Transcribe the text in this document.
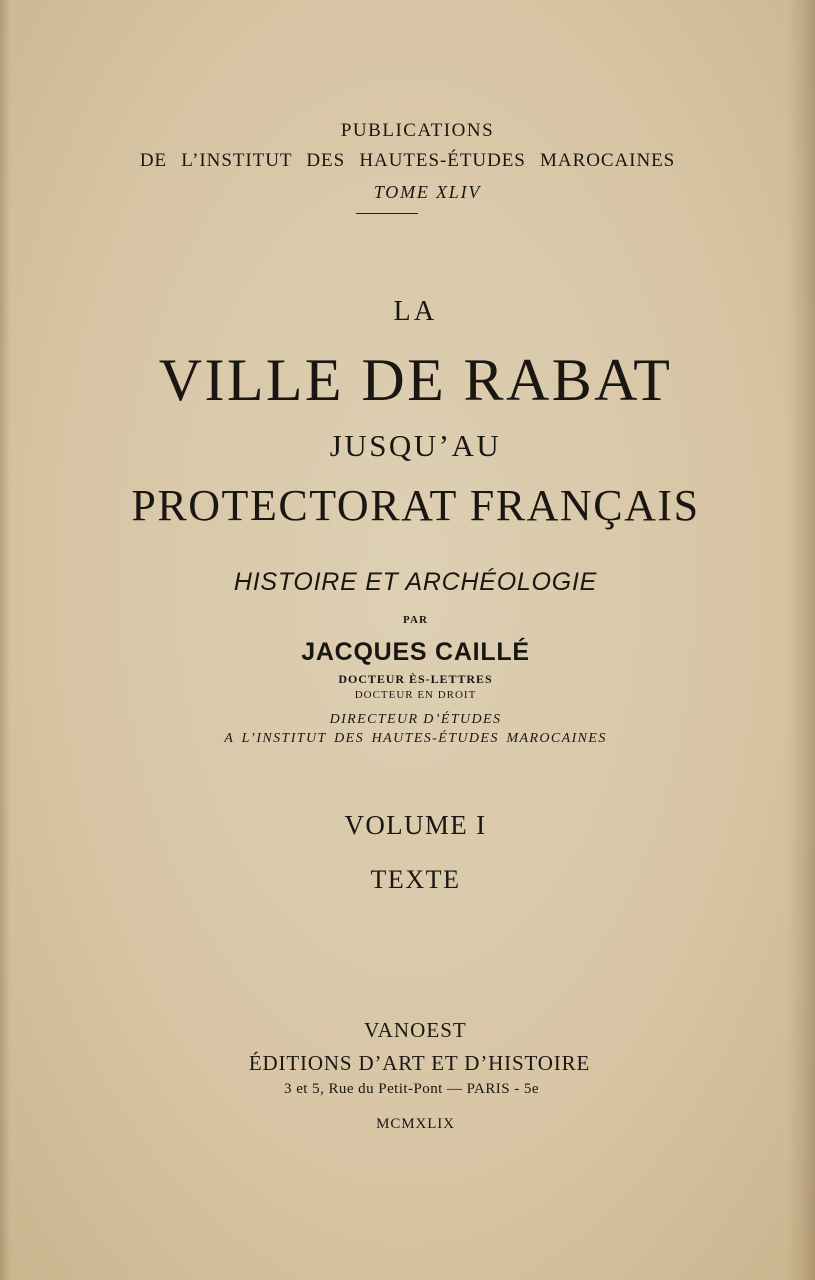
PUBLICATIONS
DE L’INSTITUT DES HAUTES-ÉTUDES MAROCAINES
TOME XLIV
LA
VILLE DE RABAT
JUSQU’AU
PROTECTORAT FRANÇAIS
HISTOIRE ET ARCHÉOLOGIE
PAR
JACQUES CAILLÉ
DOCTEUR ÈS-LETTRES
DOCTEUR EN DROIT
DIRECTEUR D’ÉTUDES
A L’INSTITUT DES HAUTES-ÉTUDES MAROCAINES
VOLUME I
TEXTE
VANOEST
ÉDITIONS D’ART ET D’HISTOIRE
3 et 5, Rue du Petit-Pont — PARIS - 5e
MCMXLIX
